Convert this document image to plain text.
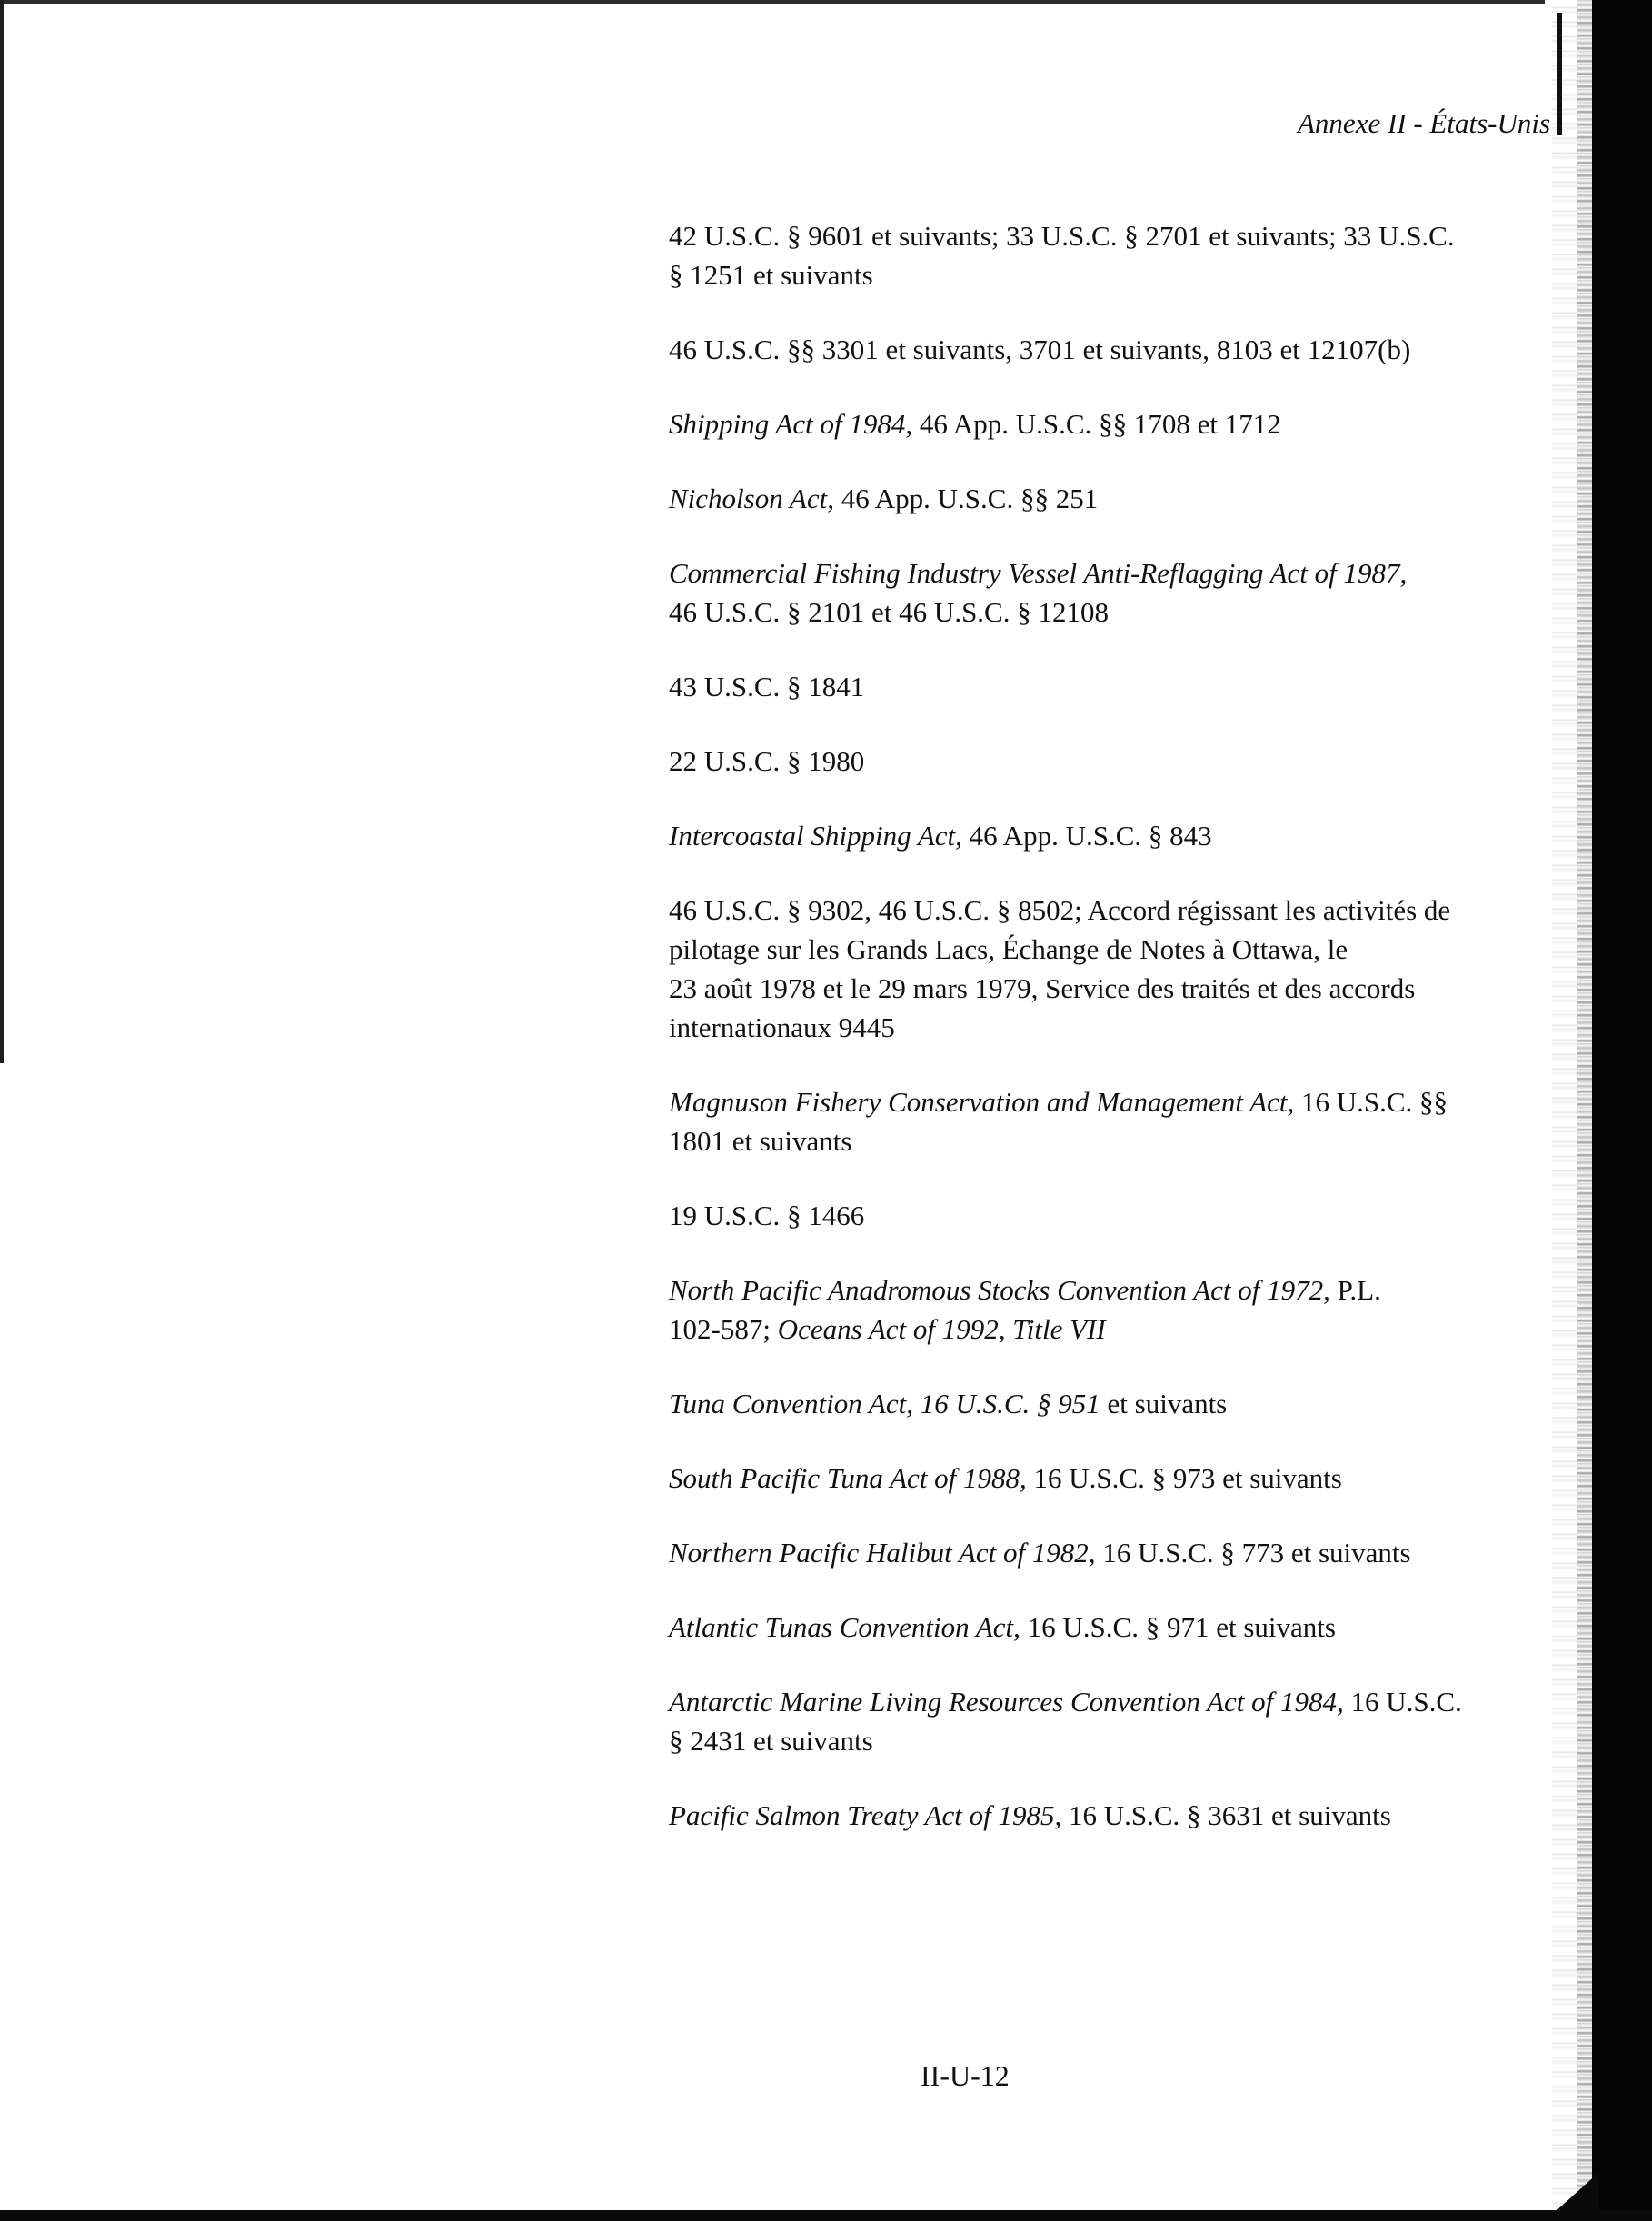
Annexe II - États-Unis

42 U.S.C. § 9601 et suivants; 33 U.S.C. § 2701 et suivants; 33 U.S.C.
§ 1251 et suivants

46 U.S.C. §§ 3301 et suivants, 3701 et suivants, 8103 et 12107(b)

Shipping Act of 1984, 46 App. U.S.C. §§ 1708 et 1712

Nicholson Act, 46 App. U.S.C. §§ 251

Commercial Fishing Industry Vessel Anti-Reflagging Act of 1987,
46 U.S.C. § 2101 et 46 U.S.C. § 12108

43 U.S.C. § 1841

22 U.S.C. § 1980

Intercoastal Shipping Act, 46 App. U.S.C. § 843

46 U.S.C. § 9302, 46 U.S.C. § 8502; Accord régissant les activités de
pilotage sur les Grands Lacs, Échange de Notes à Ottawa, le
23 août 1978 et le 29 mars 1979, Service des traités et des accords
internationaux 9445

Magnuson Fishery Conservation and Management Act, 16 U.S.C. §§
1801 et suivants

19 U.S.C. § 1466

North Pacific Anadromous Stocks Convention Act of 1972, P.L.
102-587; Oceans Act of 1992, Title VII

Tuna Convention Act, 16 U.S.C. § 951 et suivants

South Pacific Tuna Act of 1988, 16 U.S.C. § 973 et suivants

Northern Pacific Halibut Act of 1982, 16 U.S.C. § 773 et suivants

Atlantic Tunas Convention Act, 16 U.S.C. § 971 et suivants

Antarctic Marine Living Resources Convention Act of 1984, 16 U.S.C.
§ 2431 et suivants

Pacific Salmon Treaty Act of 1985, 16 U.S.C. § 3631 et suivants

II-U-12
